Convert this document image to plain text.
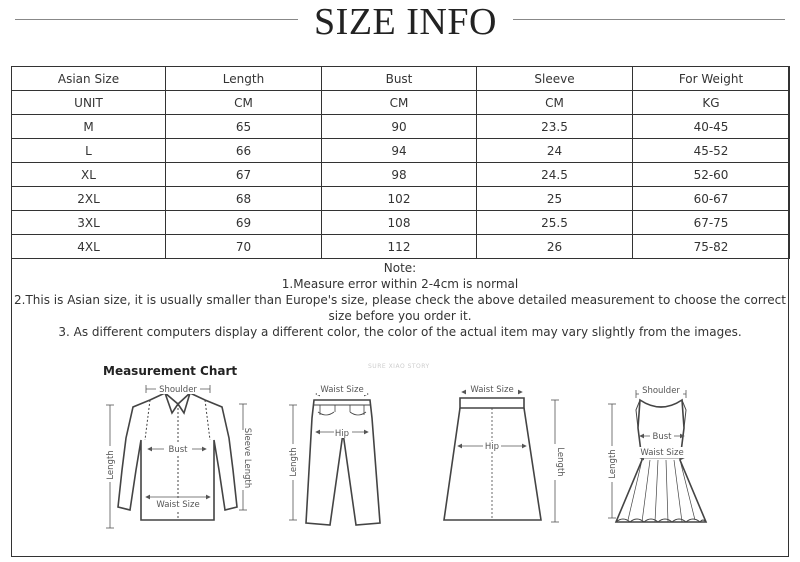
SIZE INFO
Asian Size	Length	Bust	Sleeve	For Weight
UNIT	CM	CM	CM	KG
M	65	90	23.5	40-45
L	66	94	24	45-52
XL	67	98	24.5	52-60
2XL	68	102	25	60-67
3XL	69	108	25.5	67-75
4XL	70	112	26	75-82
Note:
1.Measure error within 2-4cm is normal
2.This is Asian size, it is usually smaller than Europe's size, please check the above detailed measurement to choose the correct size before you order it.
3. As different computers display a different color, the color of the actual item may vary slightly from the images.
Measurement Chart	SURE XIAO STORY
Shoulder
Bust
Waist Size
Length	Sleeve Length
Waist Size
Hip
Length
Waist Size
Hip
Length
Shoulder
Bust
Waist Size
Length
